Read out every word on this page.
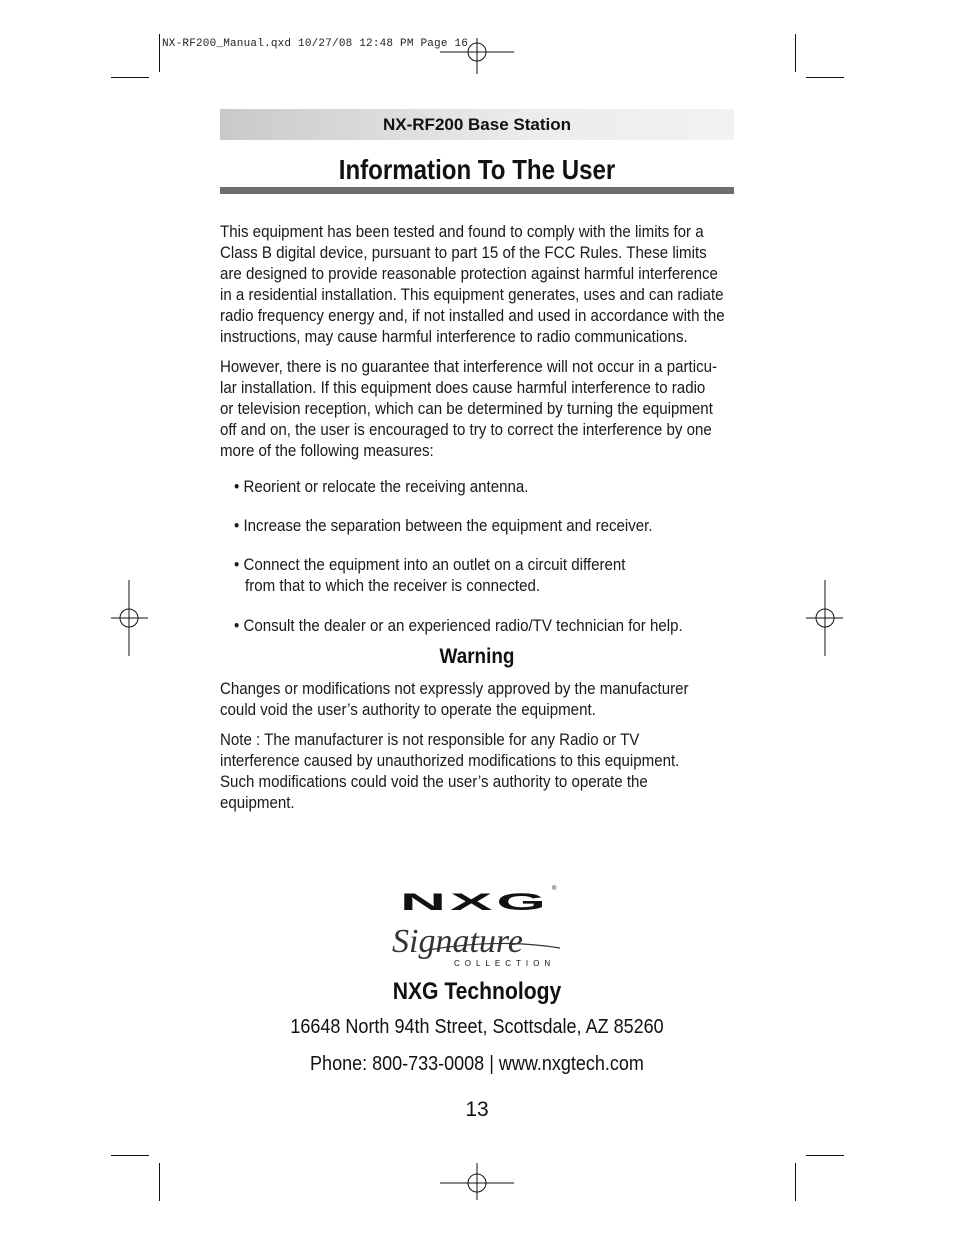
NX-RF200_Manual.qxd 10/27/08 12:48 PM Page 16
NX-RF200 Base Station
Information To The User
This equipment has been tested and found to comply with the limits for a
Class B digital device, pursuant to part 15 of the FCC Rules. These limits
are designed to provide reasonable protection against harmful interference
in a residential installation. This equipment generates, uses and can radiate
radio frequency energy and, if not installed and used in accordance with the
instructions, may cause harmful interference to radio communications.
However, there is no guarantee that interference will not occur in a particu-
lar installation. If this equipment does cause harmful interference to radio
or television reception, which can be determined by turning the equipment
off and on, the user is encouraged to try to correct the interference by one
more of the following measures:
• Reorient or relocate the receiving antenna.
• Increase the separation between the equipment and receiver.
• Connect the equipment into an outlet on a circuit different
from that to which the receiver is connected.
• Consult the dealer or an experienced radio/TV technician for help.
Warning
Changes or modifications not expressly approved by the manufacturer
could void the user’s authority to operate the equipment.
Note : The manufacturer is not responsible for any Radio or TV
interference caused by unauthorized modifications to this equipment.
Such modifications could void the user’s authority to operate the
equipment.
NXG ®
Signature
COLLECTION
NXG Technology
16648 North 94th Street, Scottsdale, AZ 85260
Phone: 800-733-0008 | www.nxgtech.com
13
